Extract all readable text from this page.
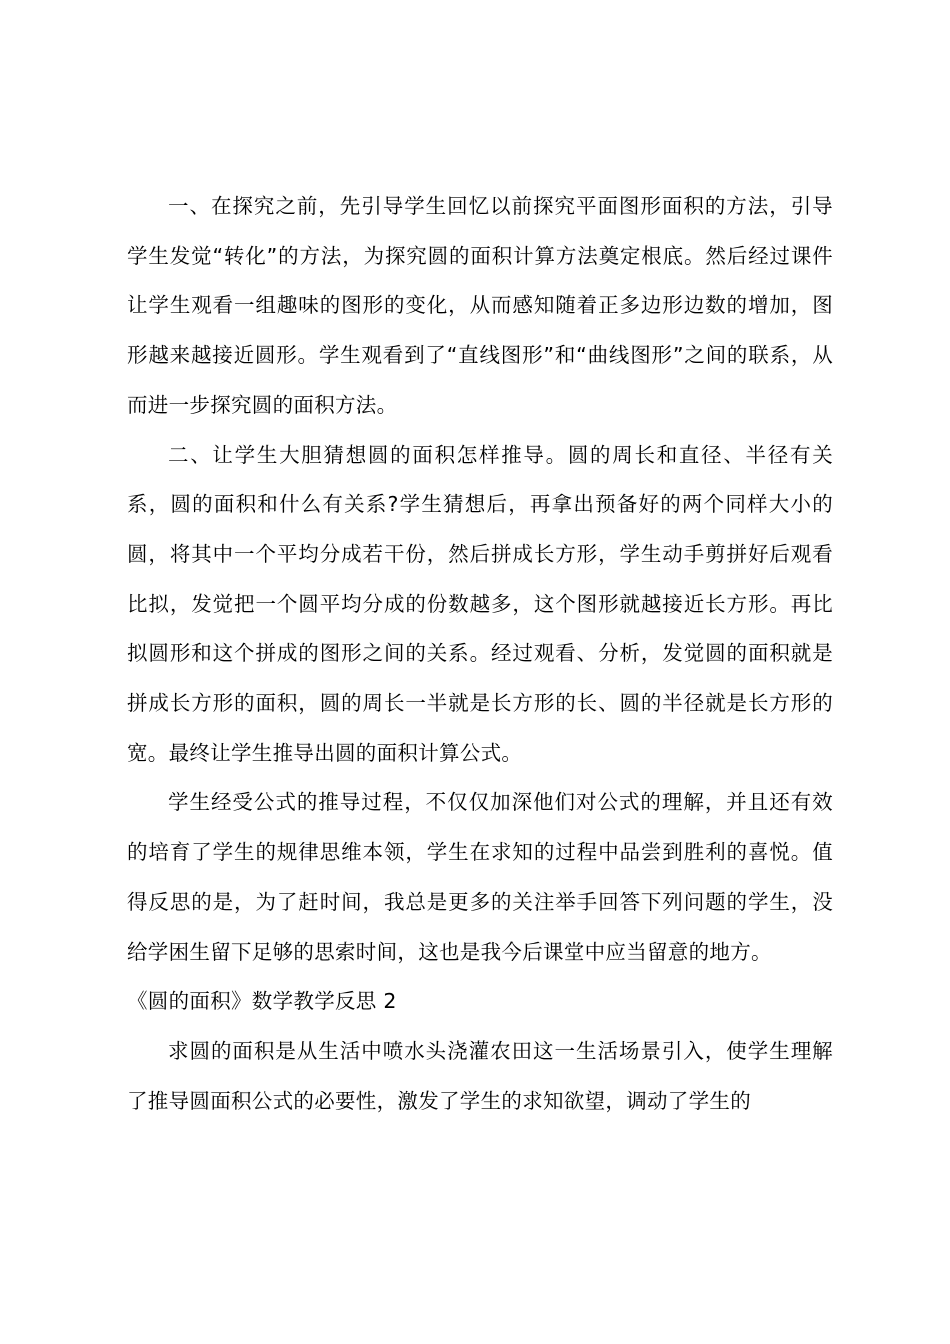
一、在探究之前，先引导学生回忆以前探究平面图形面积的方法，引导学生发觉“转化”的方法，为探究圆的面积计算方法奠定根底。然后经过课件让学生观看一组趣味的图形的变化，从而感知随着正多边形边数的增加，图形越来越接近圆形。学生观看到了“直线图形”和“曲线图形”之间的联系，从而进一步探究圆的面积方法。

二、让学生大胆猜想圆的面积怎样推导。圆的周长和直径、半径有关系，圆的面积和什么有关系?学生猜想后，再拿出预备好的两个同样大小的圆，将其中一个平均分成若干份，然后拼成长方形，学生动手剪拼好后观看比拟，发觉把一个圆平均分成的份数越多，这个图形就越接近长方形。再比拟圆形和这个拼成的图形之间的关系。经过观看、分析，发觉圆的面积就是拼成长方形的面积，圆的周长一半就是长方形的长、圆的半径就是长方形的宽。最终让学生推导出圆的面积计算公式。

学生经受公式的推导过程，不仅仅加深他们对公式的理解，并且还有效的培育了学生的规律思维本领，学生在求知的过程中品尝到胜利的喜悦。值得反思的是，为了赶时间，我总是更多的关注举手回答下列问题的学生，没给学困生留下足够的思索时间，这也是我今后课堂中应当留意的地方。

《圆的面积》数学教学反思 2

求圆的面积是从生活中喷水头浇灌农田这一生活场景引入，使学生理解了推导圆面积公式的必要性，激发了学生的求知欲望，调动了学生的
